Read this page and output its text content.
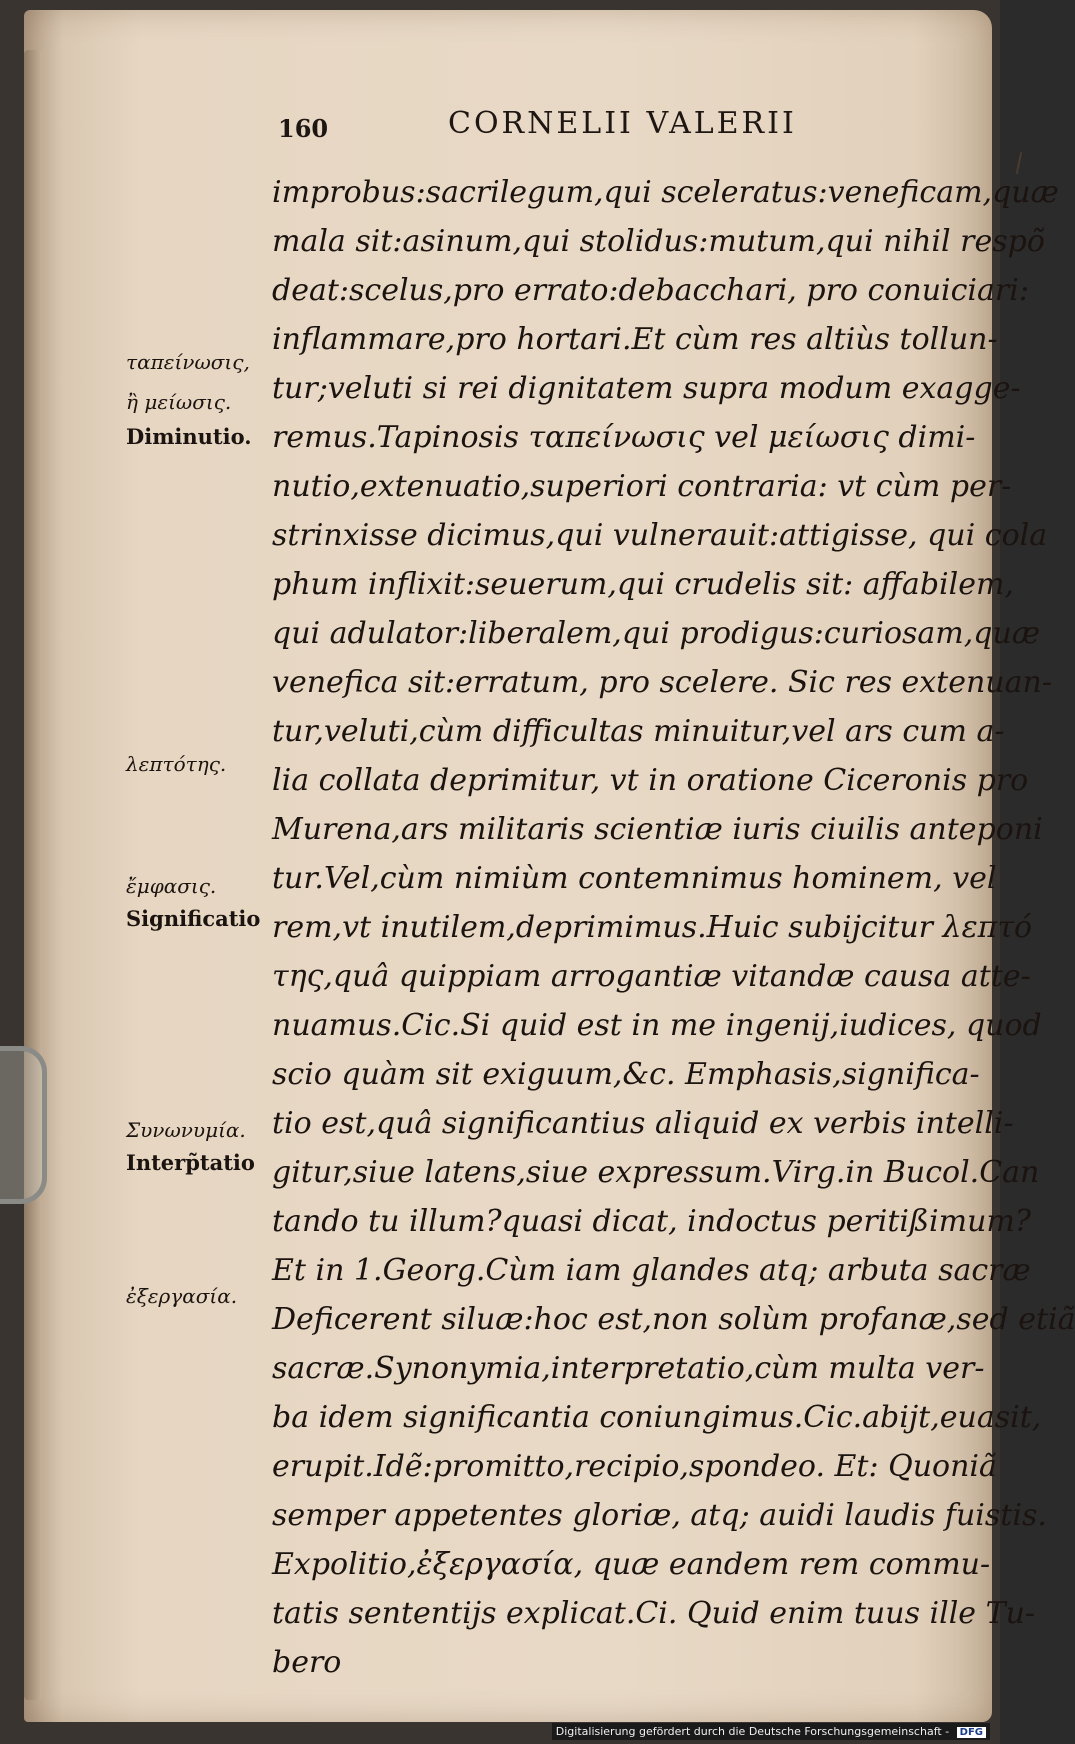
160	CORNELII VALERII
improbus:sacrilegum,qui sceleratus:veneficam,quæ
mala sit:asinum,qui stolidus:mutum,qui nihil respõ
deat:scelus,pro errato:debacchari, pro conuiciari:
inflammare,pro hortari.Et cùm res altiùs tollun-
tur;veluti si rei dignitatem supra modum exagge-
remus.Tapinosis ταπείνωσις vel μείωσις dimi-
nutio,extenuatio,superiori contraria: vt cùm per-
strinxisse dicimus,qui vulnerauit:attigisse, qui cola
phum inflixit:seuerum,qui crudelis sit: affabilem,
qui adulator:liberalem,qui prodigus:curiosam,quæ
venefica sit:erratum, pro scelere. Sic res extenuan-
tur,veluti,cùm difficultas minuitur,vel ars cum a-
lia collata deprimitur, vt in oratione Ciceronis pro
Murena,ars militaris scientiæ iuris ciuilis anteponi
tur.Vel,cùm nimiùm contemnimus hominem, vel
rem,vt inutilem,deprimimus.Huic subijcitur λεπτό
της,quâ quippiam arrogantiæ vitandæ causa atte-
nuamus.Cic.Si quid est in me ingenij,iudices, quod
scio quàm sit exiguum,&c. Emphasis,significa-
tio est,quâ significantius aliquid ex verbis intelli-
gitur,siue latens,siue expressum.Virg.in Bucol.Can
tando tu illum?quasi dicat, indoctus peritißimum?
Et in 1.Georg.Cùm iam glandes atq; arbuta sacræ
Deficerent siluæ:hoc est,non solùm profanæ,sed etiã
sacræ.Synonymia,interpretatio,cùm multa ver-
ba idem significantia coniungimus.Cic.abijt,euasit,
erupit.Idẽ:promitto,recipio,spondeo. Et: Quoniã
semper appetentes gloriæ, atq; auidi laudis fuistis.
Expolitio,ἐξεργασία, quæ eandem rem commu-
tatis sententijs explicat.Ci. Quid enim tuus ille Tu-
bero
ταπείνωσις,
ἢ μείωσις.
Diminutio.
λεπτότης.
ἔμφασις.
Significatio
Συνωνυμία.
Interp̃tatio
ἐξεργασία.
Digitalisierung gefördert durch die Deutsche Forschungsgemeinschaft - DFG
